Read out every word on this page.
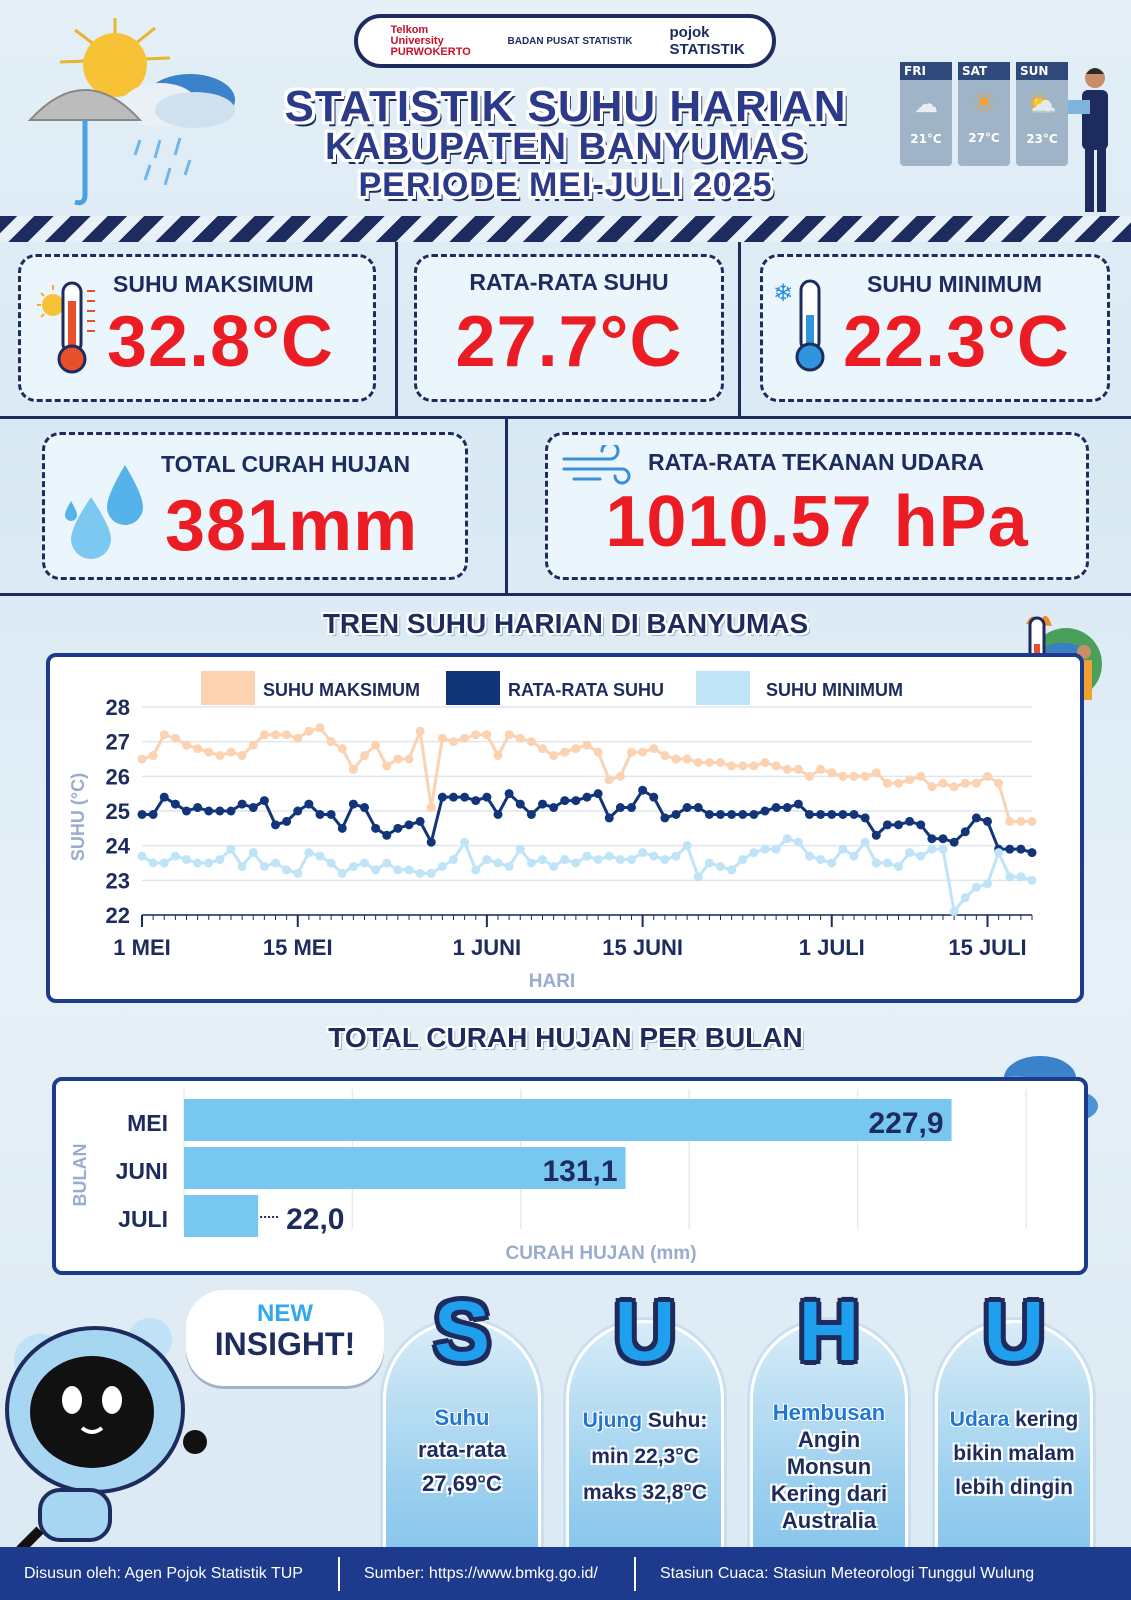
Telkom University PURWOKERTO
BADAN PUSAT STATISTIK pojok STATISTIK
STATISTIK SUHU HARIAN
KABUPATEN BANYUMAS
PERIODE MEI-JULI 2025
FRI
☁
21°C
SAT
☀
27°C
SUN
⛅
23°C
SUHU MAKSIMUM
32.8°C
RATA-RATA SUHU
27.7°C
❄	SUHU MINIMUM
22.3°C
TOTAL CURAH HUJAN
381mm
RATA-RATA TEKANAN UDARA
1010.57 hPa
TREN SUHU HARIAN DI BANYUMAS
SUHU MAKSIMUM	RATA-RATA SUHU	SUHU MINIMUM
22
23
24
25
26
27
28
1 MEI	15 MEI	1 JUNI	15 JUNI	1 JULI	15 JULI
SUHU (°C)
HARI
TOTAL CURAH HUJAN PER BULAN
BULAN
CURAH HUJAN (mm)
MEI	227,9
JUNI	131,1
JULI	22,0
NEW
INSIGHT!
Suhu
rata-rata 27,69°C
Ujung Suhu: min 22,3°C maks 32,8°C
Hembusan
Angin Monsun Kering dari Australia
Udara kering bikin malam lebih dingin
S	U	H	U
Disusun oleh: Agen Pojok Statistik TUP	Sumber: https://www.bmkg.go.id/	Stasiun Cuaca: Stasiun Meteorologi Tunggul Wulung
